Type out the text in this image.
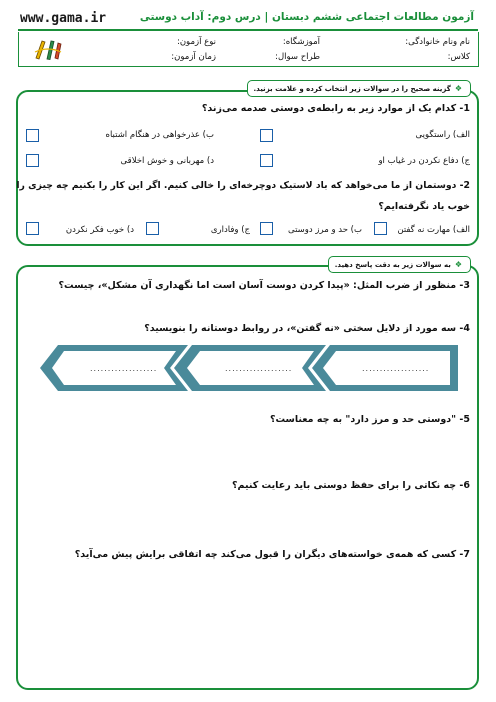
www.gama.ir	آزمون مطالعات اجتماعی ششم دبستان | درس دوم: آداب دوستی
نام ونام خانوادگی:
آموزشگاه:
نوع آزمون:
کلاس:
طراح سوال:
زمان آزمون:
❖گزینه صحیح را در سوالات زیر انتخاب کرده و علامت بزنید.
1- کدام یک از موارد زیر به رابطه‌ی دوستی صدمه می‌زند؟
الف) راستگویی
ب) عذرخواهی در هنگام اشتباه
ج) دفاع نکردن در غیاب او
د) مهربانی و خوش اخلاقی
2- دوستمان از ما می‌خواهد که باد لاستیک دوچرخه‌ای را خالی کنیم. اگر این کار را بکنیم چه چیزی را
خوب یاد نگرفته‌ایم؟
الف) مهارت نه گفتن
ب) حد و مرز دوستی
ج) وفاداری
د) خوب فکر نکردن
❖به سوالات زیر به دقت پاسخ دهید.
3- منظور از ضرب المثل: «پیدا کردن دوست آسان است اما نگهداری آن مشکل»، چیست؟
4- سه مورد از دلایل سختی «نه گفتن»، در روابط دوستانه را بنویسید؟
...................
...................
...................
5- "دوستی حد و مرز دارد" به چه معناست؟
6- چه نکاتی را برای حفظ دوستی باید رعایت کنیم؟
7- کسی که همه‌ی خواسته‌های دیگران را قبول می‌کند چه اتفاقی برایش پیش می‌آید؟
